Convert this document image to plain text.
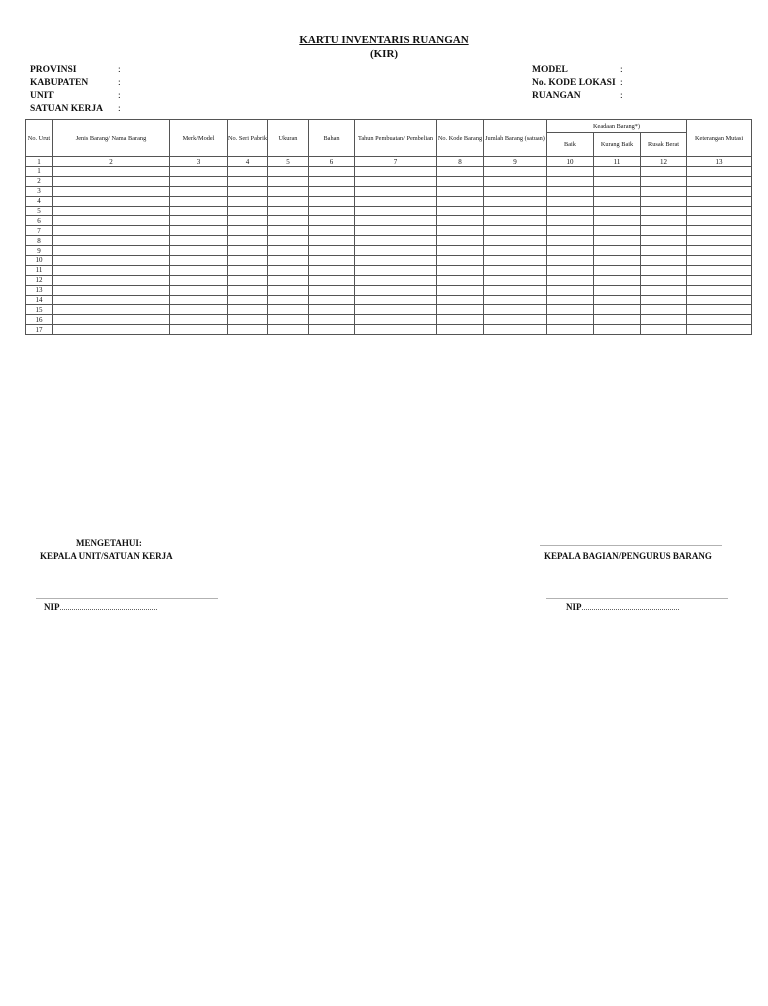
KARTU INVENTARIS RUANGAN
(KIR)
PROVINSI	:
KABUPATEN	:
UNIT	:
SATUAN KERJA :
MODEL	:
No. KODE LOKASI :
RUANGAN	:
No. Urut	Jenis Barang/ Nama Barang	Merk/Model	No. Seri Pabrik	Ukuran	Bahan	Tahun Pembuatan/ Pembelian	No. Kode Barang	Jumlah Barang (satuan)	Keadaan Barang*)			Keterangan Mutasi
									Baik	Kurang Baik	Rusak Berat	
1	2	3	4	5	6	7	8	9	10	11	12	13
1												
2												
3												
4												
5												
6												
7												
8												
9												
10												
11												
12												
13												
14												
15												
16												
17												
MENGETAHUI:
KEPALA UNIT/SATUAN KERJA
...........................................................................................
KEPALA BAGIAN/PENGURUS BARANG
...........................................................................................
NIP.................................................
...........................................................................................
NIP.................................................
